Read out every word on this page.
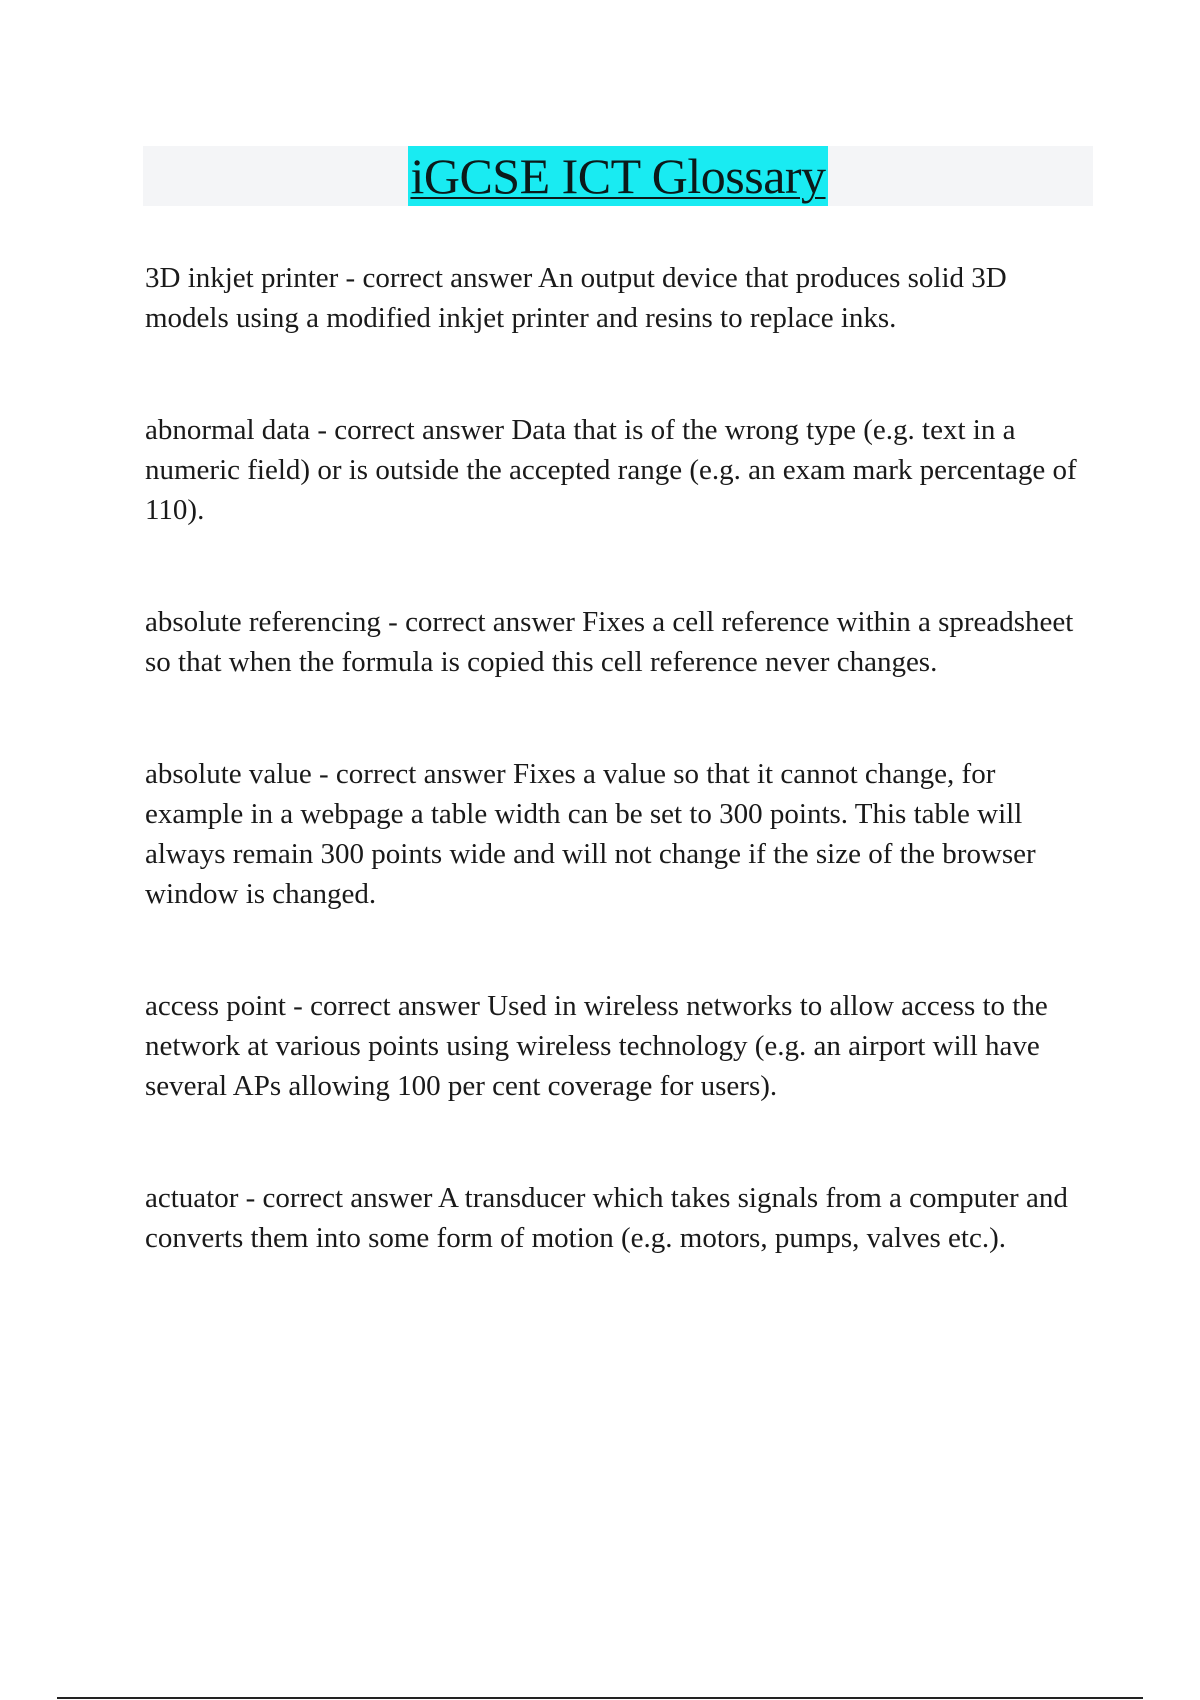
iGCSE ICT Glossary

3D inkjet printer - correct answer An output device that produces solid 3D models using a modified inkjet printer and resins to replace inks.

abnormal data - correct answer Data that is of the wrong type (e.g. text in a numeric field) or is outside the accepted range (e.g. an exam mark percentage of 110).

absolute referencing - correct answer Fixes a cell reference within a spreadsheet so that when the formula is copied this cell reference never changes.

absolute value - correct answer Fixes a value so that it cannot change, for example in a webpage a table width can be set to 300 points. This table will always remain 300 points wide and will not change if the size of the browser window is changed.

access point - correct answer Used in wireless networks to allow access to the network at various points using wireless technology (e.g. an airport will have several APs allowing 100 per cent coverage for users).

actuator - correct answer A transducer which takes signals from a computer and converts them into some form of motion (e.g. motors, pumps, valves etc.).
